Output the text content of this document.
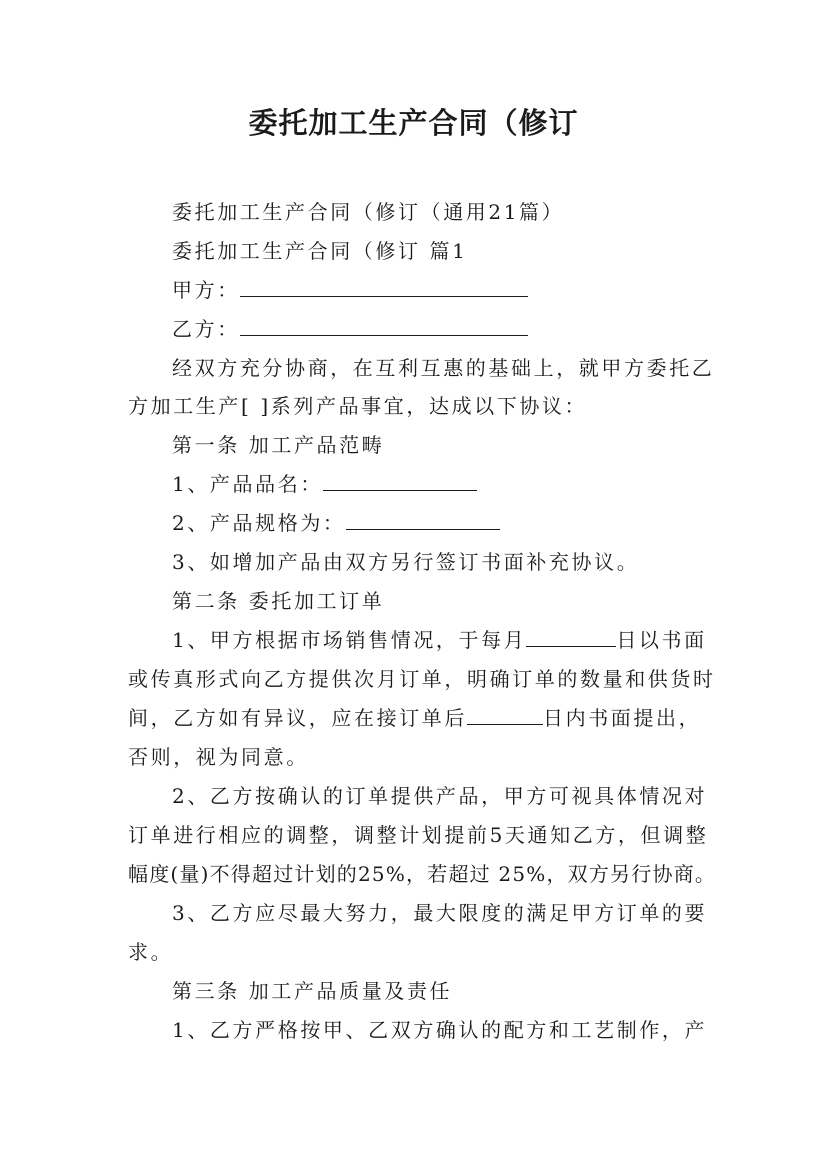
委托加工生产合同（修订
委托加工生产合同（修订（通用21篇）
委托加工生产合同（修订 篇1
甲方：
乙方：
经双方充分协商，在互利互惠的基础上，就甲方委托乙
方加工生产[ ]系列产品事宜，达成以下协议：
第一条 加工产品范畴
1、产品品名：
2、产品规格为：
3、如增加产品由双方另行签订书面补充协议。
第二条 委托加工订单
1、甲方根据市场销售情况，于每月	日以书面
或传真形式向乙方提供次月订单，明确订单的数量和供货时
间，乙方如有异议，应在接订单后	日内书面提出，
否则，视为同意。
2、乙方按确认的订单提供产品，甲方可视具体情况对
订单进行相应的调整，调整计划提前5天通知乙方，但调整
幅度(量)不得超过计划的25%，若超过 25%，双方另行协商。
3、乙方应尽最大努力，最大限度的满足甲方订单的要
求。
第三条 加工产品质量及责任
1、乙方严格按甲、乙双方确认的配方和工艺制作，产
